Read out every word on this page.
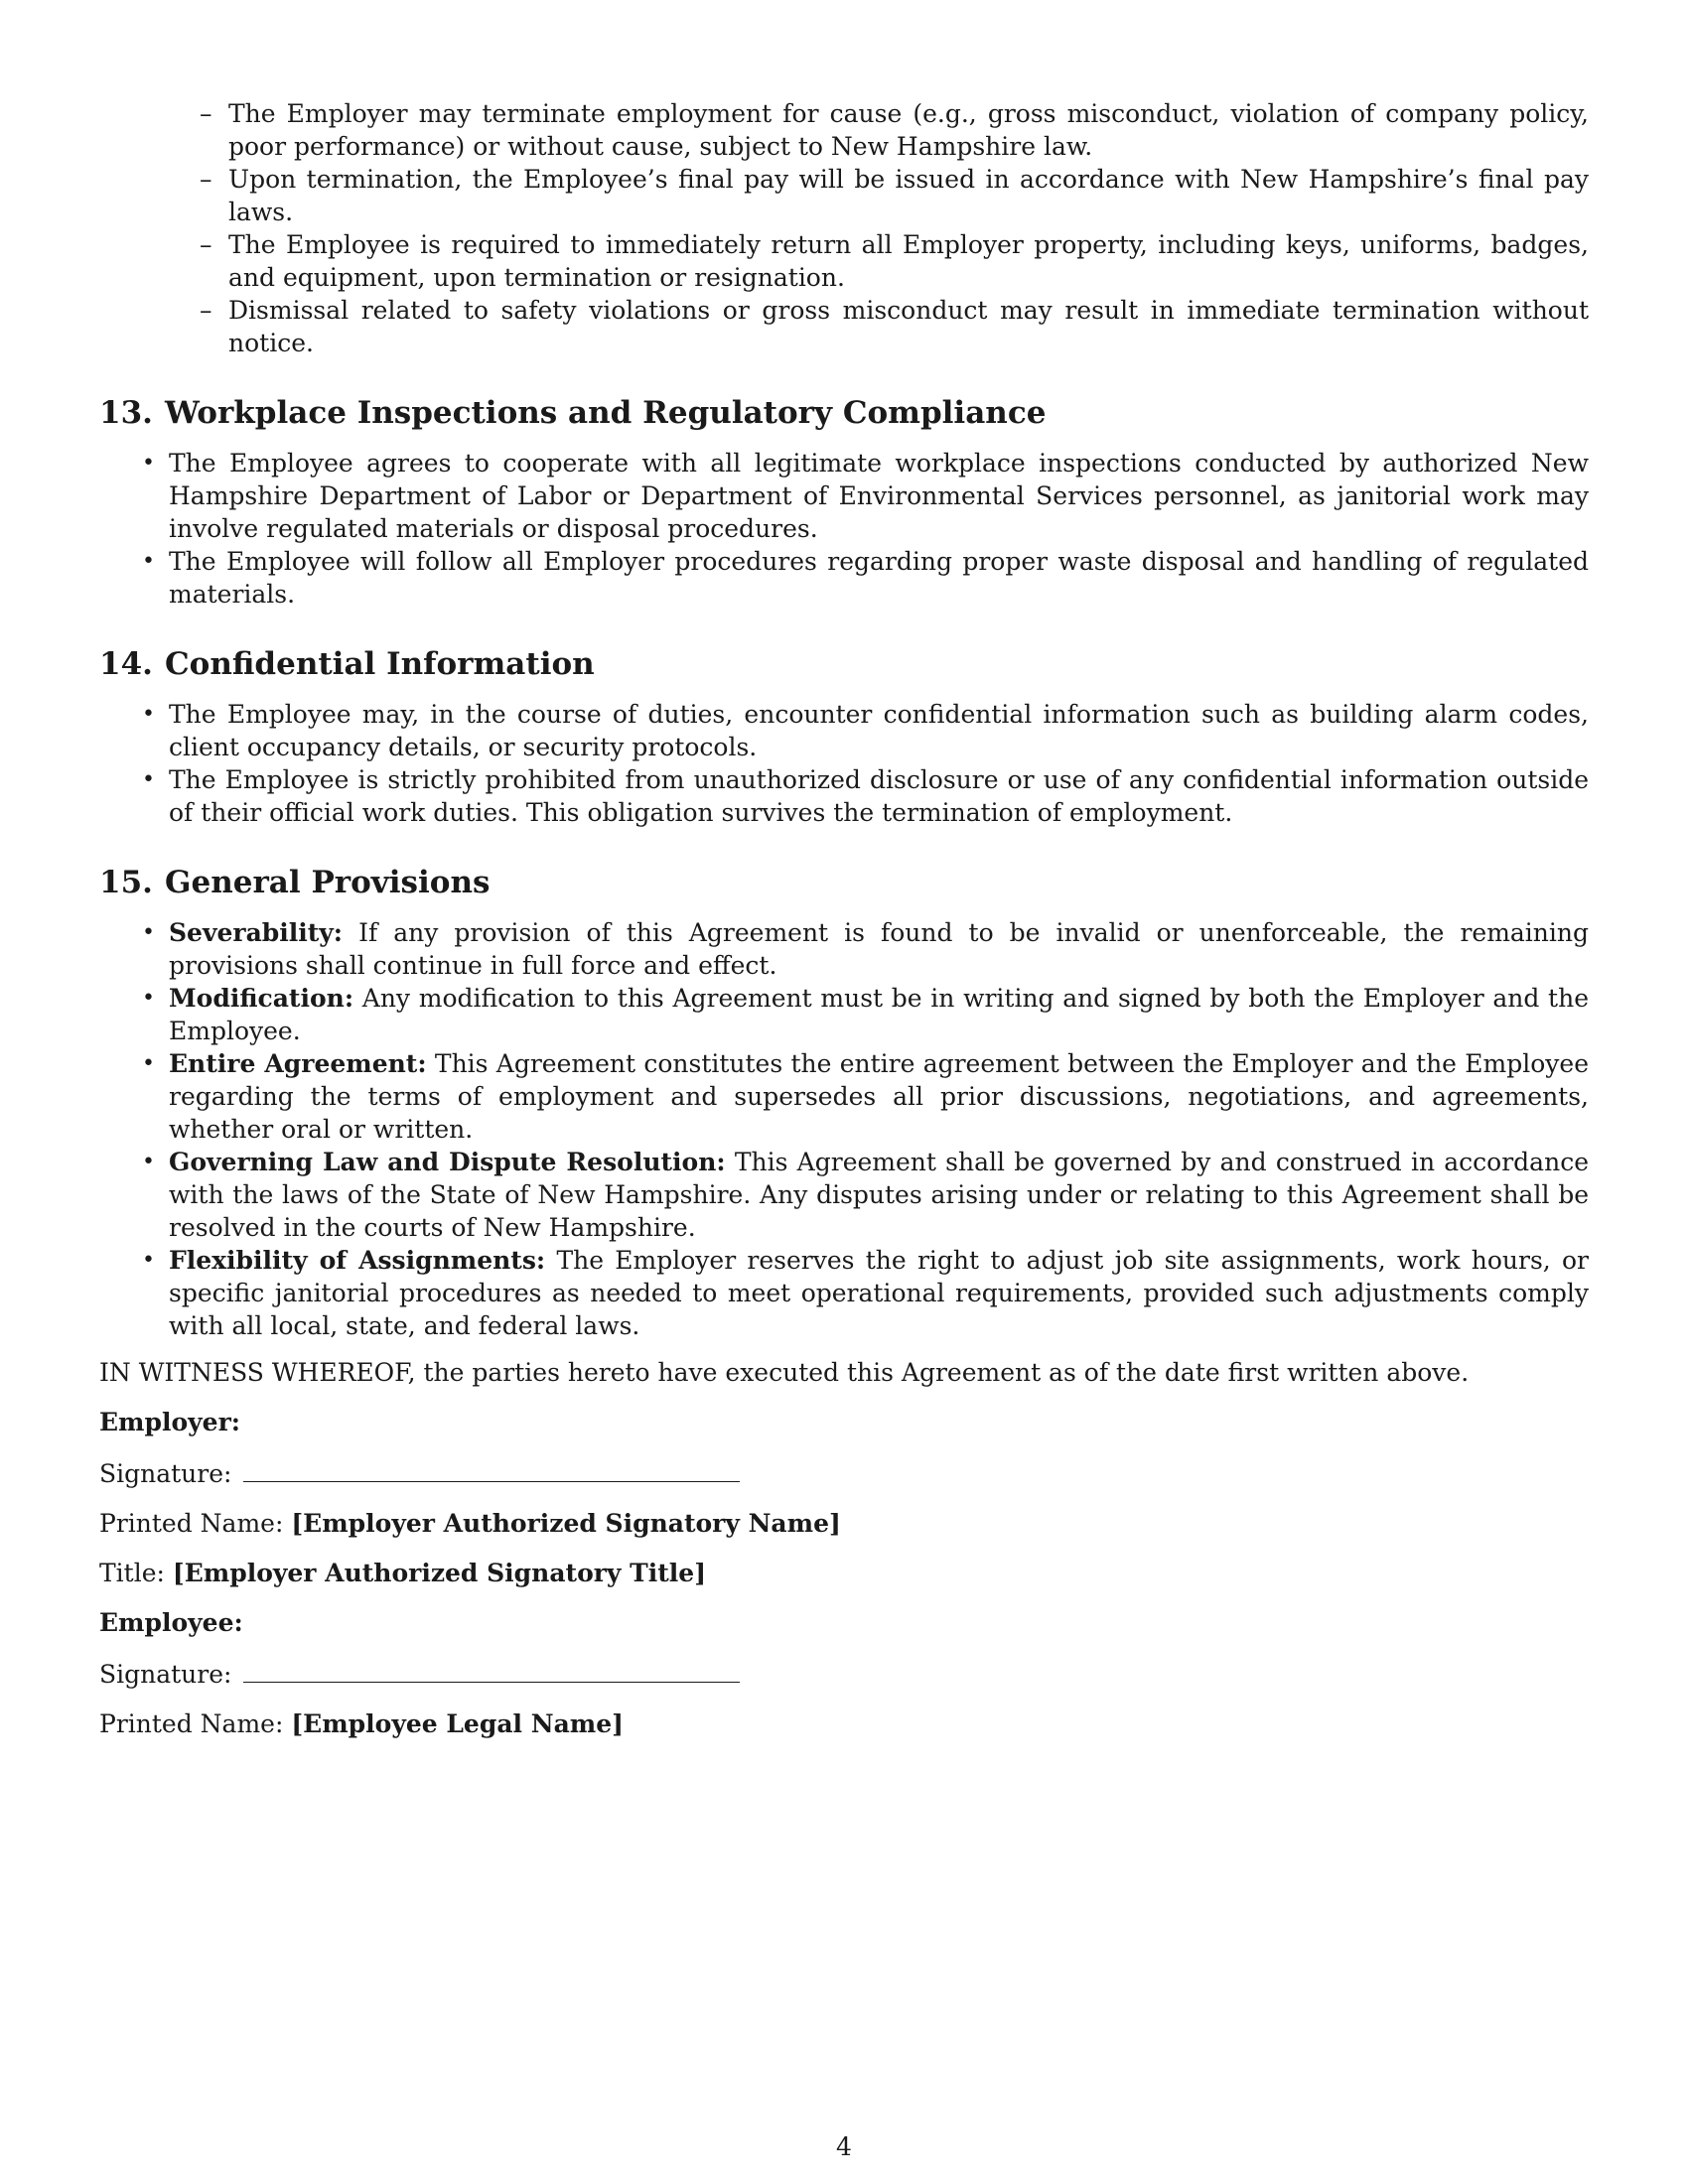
– The Employer may terminate employment for cause (e.g., gross misconduct, violation of company policy, poor performance) or without cause, subject to New Hampshire law.
– Upon termination, the Employee’s final pay will be issued in accordance with New Hampshire’s final pay laws.
– The Employee is required to immediately return all Employer property, including keys, uniforms, badges, and equipment, upon termination or resignation.
– Dismissal related to safety violations or gross misconduct may result in immediate termination without notice.
13. Workplace Inspections and Regulatory Compliance
• The Employee agrees to cooperate with all legitimate workplace inspections conducted by authorized New Hampshire Department of Labor or Department of Environmental Services personnel, as janitorial work may involve regulated materials or disposal procedures.
• The Employee will follow all Employer procedures regarding proper waste disposal and handling of regulated materials.
14. Confidential Information
• The Employee may, in the course of duties, encounter confidential information such as building alarm codes, client occupancy details, or security protocols.
• The Employee is strictly prohibited from unauthorized disclosure or use of any confidential information outside of their official work duties. This obligation survives the termination of employment.
15. General Provisions
• Severability: If any provision of this Agreement is found to be invalid or unenforceable, the remaining provisions shall continue in full force and effect.
• Modification: Any modification to this Agreement must be in writing and signed by both the Employer and the Employee.
• Entire Agreement: This Agreement constitutes the entire agreement between the Employer and the Employee regarding the terms of employment and supersedes all prior discussions, negotiations, and agreements, whether oral or written.
• Governing Law and Dispute Resolution: This Agreement shall be governed by and construed in accordance with the laws of the State of New Hampshire. Any disputes arising under or relating to this Agreement shall be resolved in the courts of New Hampshire.
• Flexibility of Assignments: The Employer reserves the right to adjust job site assignments, work hours, or specific janitorial procedures as needed to meet operational requirements, provided such adjustments comply with all local, state, and federal laws.

IN WITNESS WHEREOF, the parties hereto have executed this Agreement as of the date first written above.

Employer:
Signature:
Printed Name: [Employer Authorized Signatory Name]
Title: [Employer Authorized Signatory Title]
Employee:
Signature:
Printed Name: [Employee Legal Name]
4
